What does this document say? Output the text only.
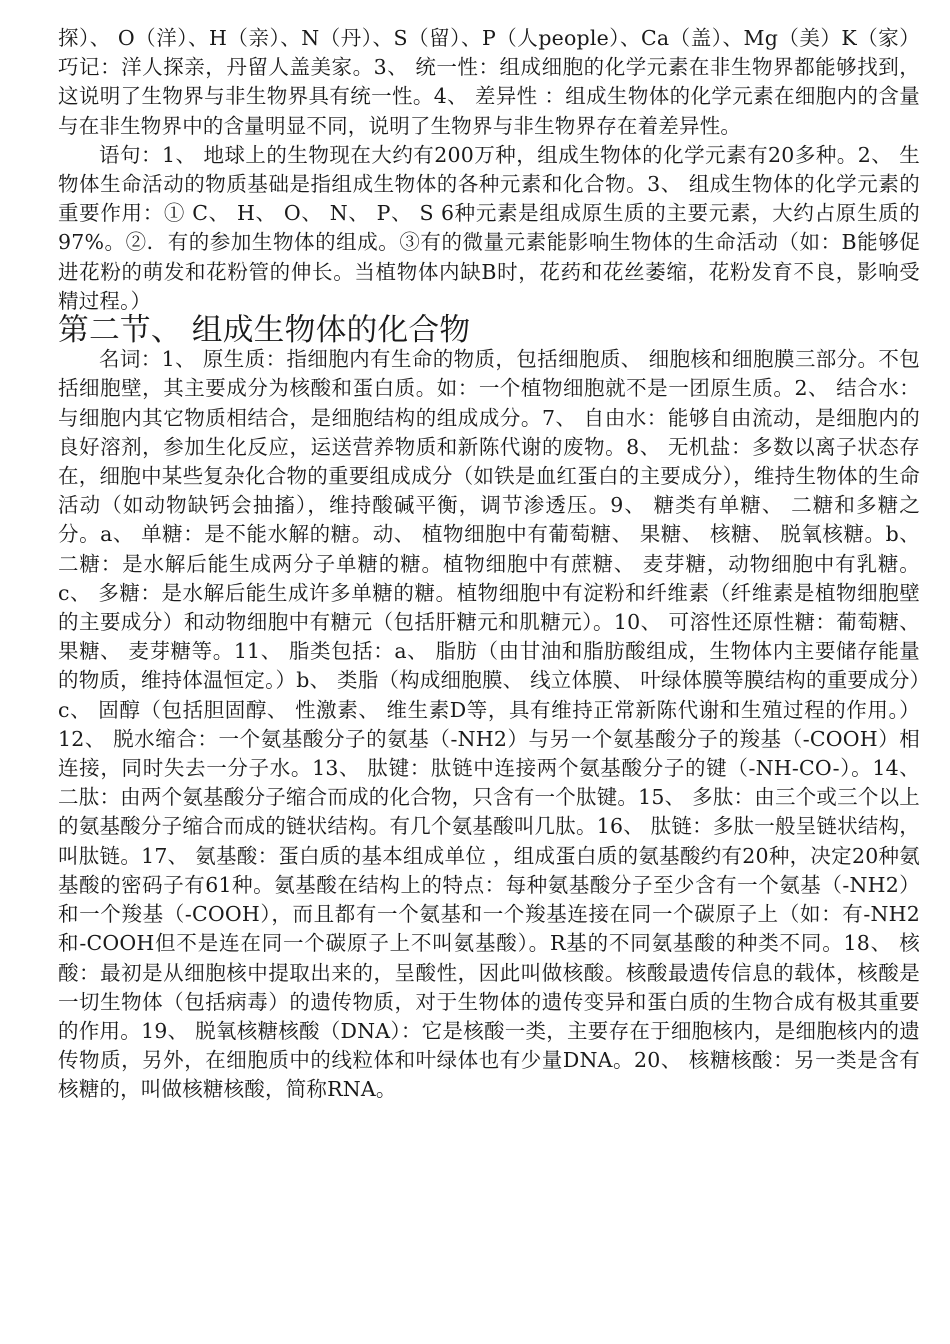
探）、 O（洋）、H（亲）、N（丹）、S（留）、P（人people）、Ca（盖）、Mg（美）K（家） 巧记：洋人探亲，丹留人盖美家。3、 统一性：组成细胞的化学元素在非生物界都能够找到，这说明了生物界与非生物界具有统一性。4、 差异性 ：组成生物体的化学元素在细胞内的含量与在非生物界中的含量明显不同，说明了生物界与非生物界存在着差异性。

语句：1、 地球上的生物现在大约有200万种，组成生物体的化学元素有20多种。2、 生物体生命活动的物质基础是指组成生物体的各种元素和化合物。3、 组成生物体的化学元素的重要作用：① C、 H、 O、 N、 P、 S 6种元素是组成原生质的主要元素，大约占原生质的97%。②．有的参加生物体的组成。③有的微量元素能影响生物体的生命活动（如：B能够促进花粉的萌发和花粉管的伸长。当植物体内缺B时，花药和花丝萎缩，花粉发育不良，影响受精过程。）

第二节、 组成生物体的化合物

名词：1、 原生质：指细胞内有生命的物质，包括细胞质、 细胞核和细胞膜三部分。不包括细胞壁，其主要成分为核酸和蛋白质。如：一个植物细胞就不是一团原生质。2、 结合水：与细胞内其它物质相结合，是细胞结构的组成成分。7、 自由水：能够自由流动，是细胞内的良好溶剂，参加生化反应，运送营养物质和新陈代谢的废物。8、 无机盐：多数以离子状态存在，细胞中某些复杂化合物的重要组成成分（如铁是血红蛋白的主要成分），维持生物体的生命活动（如动物缺钙会抽搐），维持酸碱平衡，调节渗透压。9、 糖类有单糖、 二糖和多糖之分。a、 单糖：是不能水解的糖。动、 植物细胞中有葡萄糖、 果糖、 核糖、 脱氧核糖。b、 二糖：是水解后能生成两分子单糖的糖。植物细胞中有蔗糖、 麦芽糖，动物细胞中有乳糖。c、 多糖：是水解后能生成许多单糖的糖。植物细胞中有淀粉和纤维素（纤维素是植物细胞壁的主要成分）和动物细胞中有糖元（包括肝糖元和肌糖元）。10、 可溶性还原性糖：葡萄糖、 果糖、 麦芽糖等。11、 脂类包括：a、 脂肪（由甘油和脂肪酸组成，生物体内主要储存能量的物质，维持体温恒定。）b、 类脂（构成细胞膜、 线立体膜、 叶绿体膜等膜结构的重要成分）c、 固醇（包括胆固醇、 性激素、 维生素D等，具有维持正常新陈代谢和生殖过程的作用。）12、 脱水缩合：一个氨基酸分子的氨基（-NH2）与另一个氨基酸分子的羧基（-COOH）相连接，同时失去一分子水。13、 肽键：肽链中连接两个氨基酸分子的键（-NH-CO-）。14、 二肽：由两个氨基酸分子缩合而成的化合物，只含有一个肽键。15、 多肽：由三个或三个以上的氨基酸分子缩合而成的链状结构。有几个氨基酸叫几肽。16、 肽链：多肽一般呈链状结构，叫肽链。17、 氨基酸：蛋白质的基本组成单位 ，组成蛋白质的氨基酸约有20种，决定20种氨基酸的密码子有61种。氨基酸在结构上的特点：每种氨基酸分子至少含有一个氨基（-NH2）和一个羧基（-COOH），而且都有一个氨基和一个羧基连接在同一个碳原子上（如：有-NH2和-COOH但不是连在同一个碳原子上不叫氨基酸）。R基的不同氨基酸的种类不同。18、 核酸：最初是从细胞核中提取出来的，呈酸性，因此叫做核酸。核酸最遗传信息的载体，核酸是一切生物体（包括病毒）的遗传物质，对于生物体的遗传变异和蛋白质的生物合成有极其重要的作用。19、 脱氧核糖核酸（DNA）：它是核酸一类，主要存在于细胞核内，是细胞核内的遗传物质，另外，在细胞质中的线粒体和叶绿体也有少量DNA。20、 核糖核酸：另一类是含有核糖的，叫做核糖核酸，简称RNA。
